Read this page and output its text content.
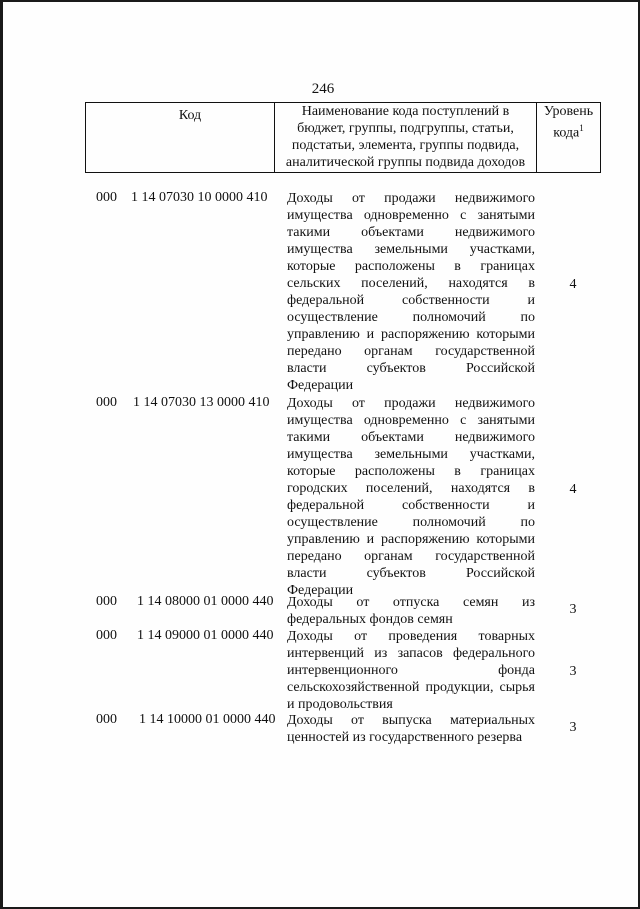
246
Код	Наименование кода поступлений в
бюджет, группы, подгруппы, статьи,
подстатьи, элемента, группы подвида,
аналитической группы подвида доходов
Уровень
кода$^1$
000 1 14 07030 10 0000 410 Доходы от продажи недвижимого
имущества одновременно с занятыми
такими объектами недвижимого
имущества земельными участками,
которые расположены в границах
сельских поселений, находятся в
федеральной собственности и
осуществление полномочий по
управлению и распоряжению которыми
передано органам государственной
власти субъектов Российской
Федерации
4
000 1 14 07030 13 0000 410 Доходы от продажи недвижимого
имущества одновременно с занятыми
такими объектами недвижимого
имущества земельными участками,
которые расположены в границах
городских поселений, находятся в
федеральной собственности и
осуществление полномочий по
управлению и распоряжению которыми
передано органам государственной
власти субъектов Российской
Федерации
4
000 1 14 08000 01 0000 440 Доходы от отпуска семян из
федеральных фондов семян
3
000 1 14 09000 01 0000 440 Доходы от проведения товарных
интервенций из запасов федерального
интервенционного фонда
сельскохозяйственной продукции, сырья
и продовольствия
3
000 1 14 10000 01 0000 440 Доходы от выпуска материальных
ценностей из государственного резерва
3
